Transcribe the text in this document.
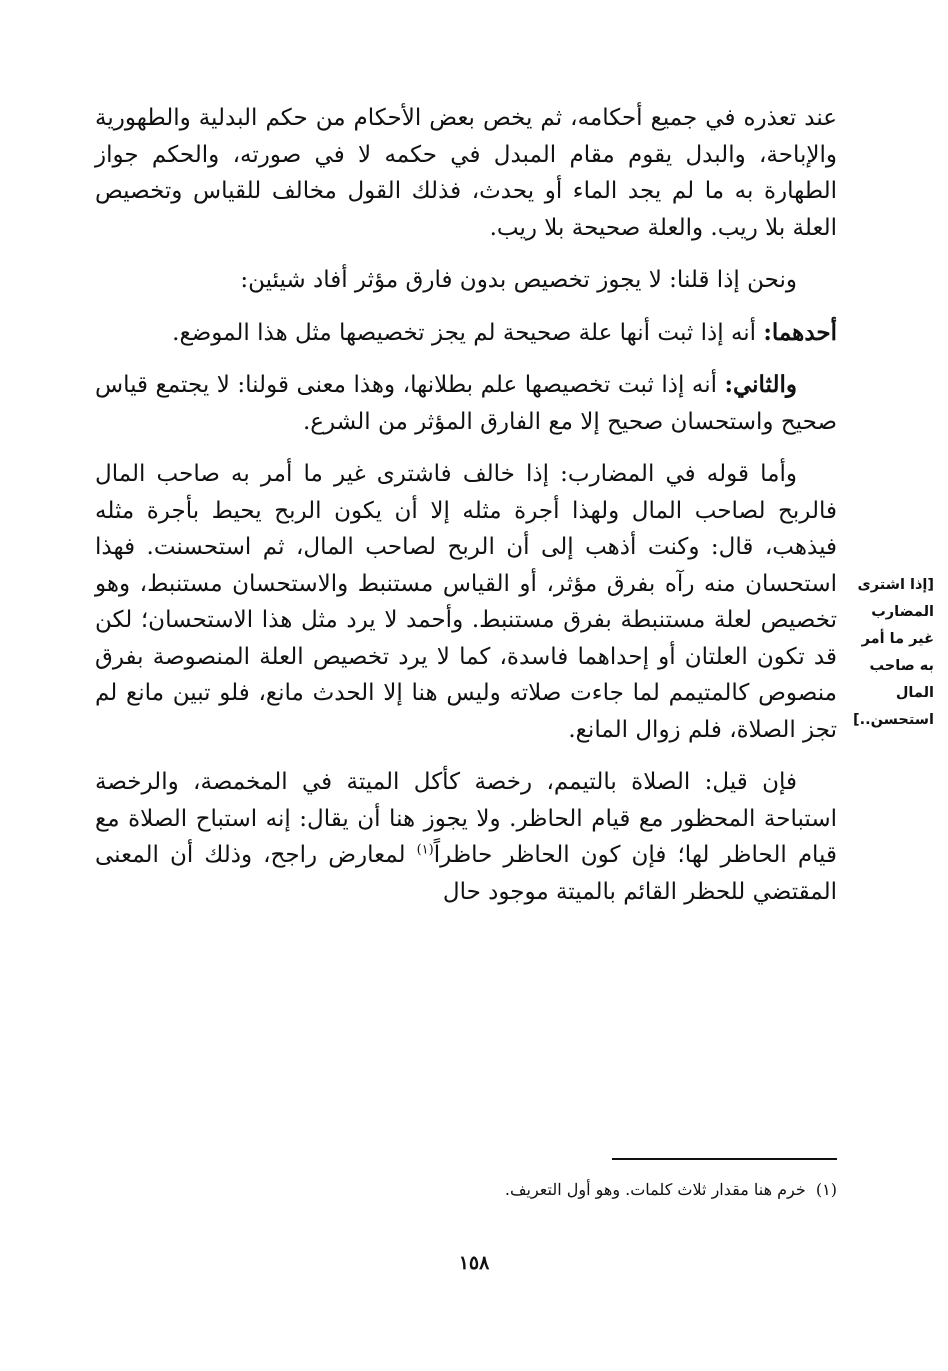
عند تعذره في جميع أحكامه، ثم يخص بعض الأحكام من حكم البدلية والطهورية والإباحة، والبدل يقوم مقام المبدل في حكمه لا في صورته، والحكم جواز الطهارة به ما لم يجد الماء أو يحدث، فذلك القول مخالف للقياس وتخصيص العلة بلا ريب. والعلة صحيحة بلا ريب.

ونحن إذا قلنا: لا يجوز تخصيص بدون فارق مؤثر أفاد شيئين:

أحدهما: أنه إذا ثبت أنها علة صحيحة لم يجز تخصيصها مثل هذا الموضع.

والثاني: أنه إذا ثبت تخصيصها علم بطلانها، وهذا معنى قولنا: لا يجتمع قياس صحيح واستحسان صحيح إلا مع الفارق المؤثر من الشرع.

وأما قوله في المضارب: إذا خالف فاشترى غير ما أمر به صاحب المال فالربح لصاحب المال ولهذا أجرة مثله إلا أن يكون الربح يحيط بأجرة مثله فيذهب، قال: وكنت أذهب إلى أن الربح لصاحب المال، ثم استحسنت. فهذا استحسان منه رآه بفرق مؤثر، أو القياس مستنبط والاستحسان مستنبط، وهو تخصيص لعلة مستنبطة بفرق مستنبط. وأحمد لا يرد مثل هذا الاستحسان؛ لكن قد تكون العلتان أو إحداهما فاسدة، كما لا يرد تخصيص العلة المنصوصة بفرق منصوص كالمتيمم لما جاءت صلاته وليس هنا إلا الحدث مانع، فلو تبين مانع لم تجز الصلاة، فلم زوال المانع.

فإن قيل: الصلاة بالتيمم، رخصة كأكل الميتة في المخمصة، والرخصة استباحة المحظور مع قيام الحاظر. ولا يجوز هنا أن يقال: إنه استباح الصلاة مع قيام الحاظر لها؛ فإن كون الحاظر حاظراً$^{(١)}$ لمعارض راجح، وذلك أن المعنى المقتضي للحظر القائم بالميتة موجود حال

[إذا اشترى
المضارب
غير ما أمر
به صاحب
المال
استحسن..]
(١)  خرم هنا مقدار ثلاث كلمات. وهو أول التعريف.
١٥٨
